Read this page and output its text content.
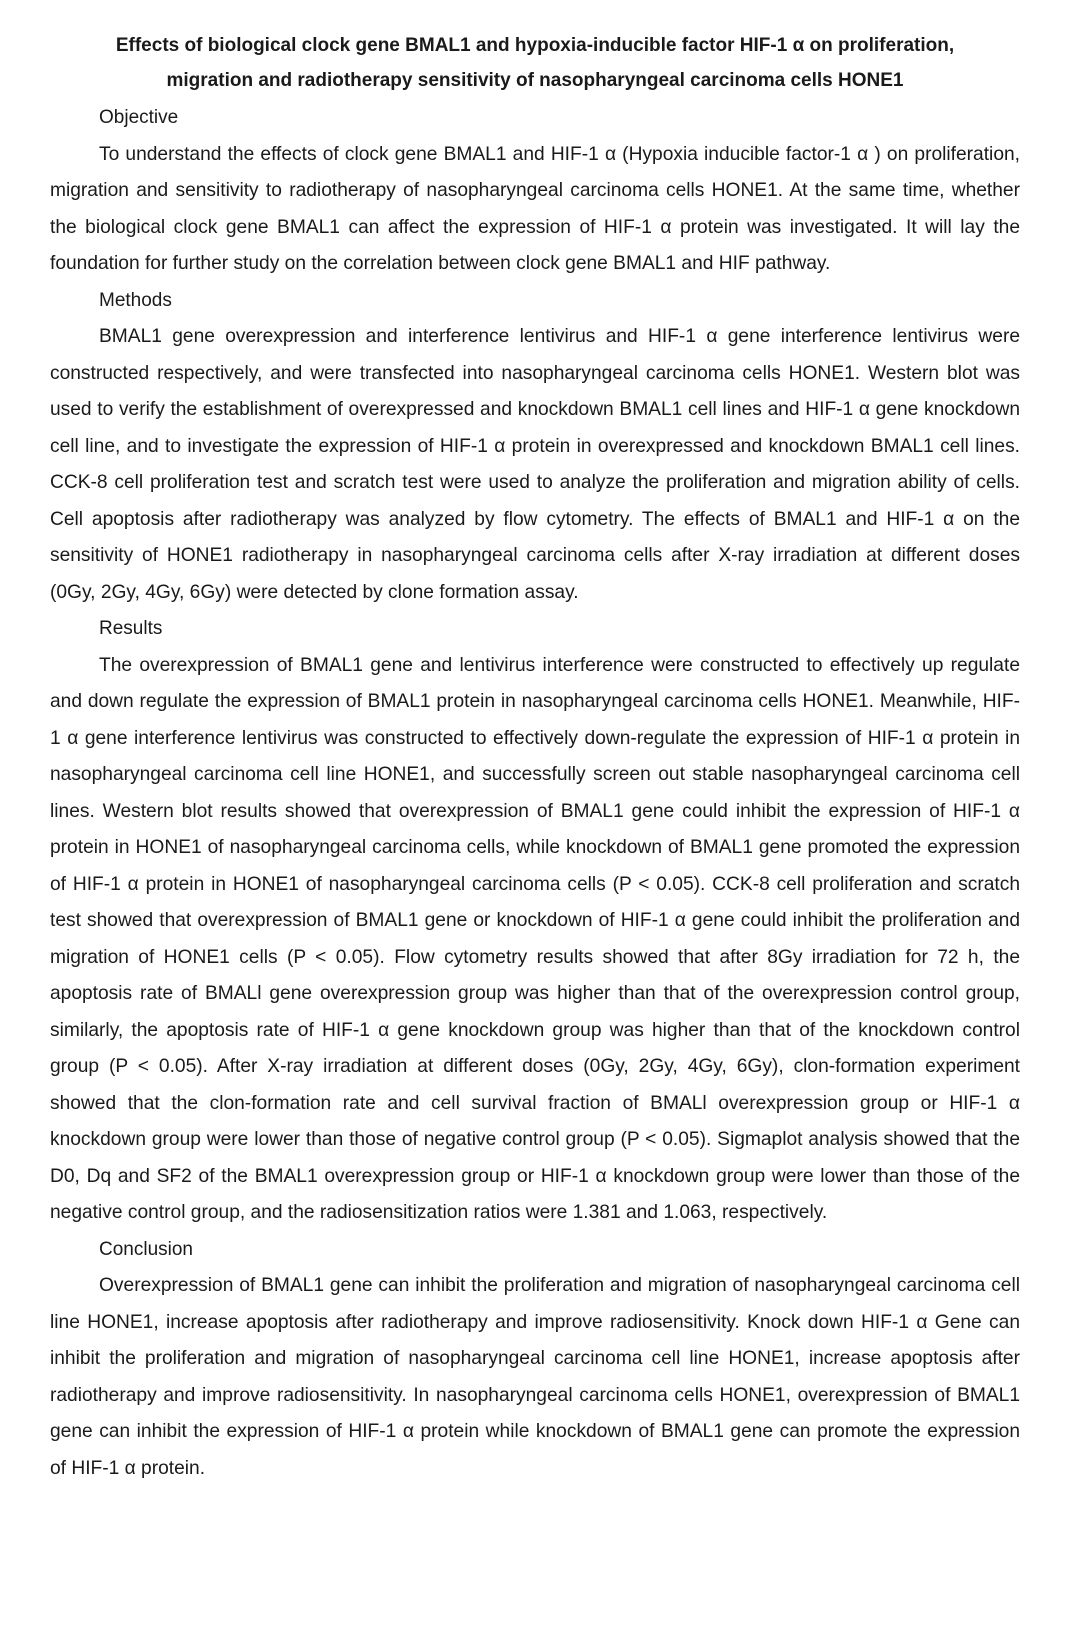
Effects of biological clock gene BMAL1 and hypoxia-inducible factor HIF-1 α on proliferation,
migration and radiotherapy sensitivity of nasopharyngeal carcinoma cells HONE1

Objective

To understand the effects of clock gene BMAL1 and HIF-1 α (Hypoxia inducible factor-1 α ) on proliferation, migration and sensitivity to radiotherapy of nasopharyngeal carcinoma cells HONE1. At the same time, whether the biological clock gene BMAL1 can affect the expression of HIF-1 α protein was investigated. It will lay the foundation for further study on the correlation between clock gene BMAL1 and HIF pathway.

Methods

BMAL1 gene overexpression and interference lentivirus and HIF-1 α gene interference lentivirus were constructed respectively, and were transfected into nasopharyngeal carcinoma cells HONE1. Western blot was used to verify the establishment of overexpressed and knockdown BMAL1 cell lines and HIF-1 α gene knockdown cell line, and to investigate the expression of HIF-1 α protein in overexpressed and knockdown BMAL1 cell lines. CCK-8 cell proliferation test and scratch test were used to analyze the proliferation and migration ability of cells. Cell apoptosis after radiotherapy was analyzed by flow cytometry. The effects of BMAL1 and HIF-1 α on the sensitivity of HONE1 radiotherapy in nasopharyngeal carcinoma cells after X-ray irradiation at different doses (0Gy, 2Gy, 4Gy, 6Gy) were detected by clone formation assay.

Results

The overexpression of BMAL1 gene and lentivirus interference were constructed to effectively up regulate and down regulate the expression of BMAL1 protein in nasopharyngeal carcinoma cells HONE1. Meanwhile, HIF-1 α gene interference lentivirus was constructed to effectively down-regulate the expression of HIF-1 α protein in nasopharyngeal carcinoma cell line HONE1, and successfully screen out stable nasopharyngeal carcinoma cell lines. Western blot results showed that overexpression of BMAL1 gene could inhibit the expression of HIF-1 α protein in HONE1 of nasopharyngeal carcinoma cells, while knockdown of BMAL1 gene promoted the expression of HIF-1 α protein in HONE1 of nasopharyngeal carcinoma cells (P < 0.05). CCK-8 cell proliferation and scratch test showed that overexpression of BMAL1 gene or knockdown of HIF-1 α gene could inhibit the proliferation and migration of HONE1 cells (P < 0.05). Flow cytometry results showed that after 8Gy irradiation for 72 h, the apoptosis rate of BMALl gene overexpression group was higher than that of the overexpression control group, similarly, the apoptosis rate of HIF-1 α gene knockdown group was higher than that of the knockdown control group (P < 0.05). After X-ray irradiation at different doses (0Gy, 2Gy, 4Gy, 6Gy), clon-formation experiment showed that the clon-formation rate and cell survival fraction of BMALl overexpression group or HIF-1 α knockdown group were lower than those of negative control group (P < 0.05). Sigmaplot analysis showed that the D0, Dq and SF2 of the BMAL1 overexpression group or HIF-1 α knockdown group were lower than those of the negative control group, and the radiosensitization ratios were 1.381 and 1.063, respectively.

Conclusion

Overexpression of BMAL1 gene can inhibit the proliferation and migration of nasopharyngeal carcinoma cell line HONE1, increase apoptosis after radiotherapy and improve radiosensitivity. Knock down HIF-1 α Gene can inhibit the proliferation and migration of nasopharyngeal carcinoma cell line HONE1, increase apoptosis after radiotherapy and improve radiosensitivity. In nasopharyngeal carcinoma cells HONE1, overexpression of BMAL1 gene can inhibit the expression of HIF-1 α protein while knockdown of BMAL1 gene can promote the expression of HIF-1 α protein.
